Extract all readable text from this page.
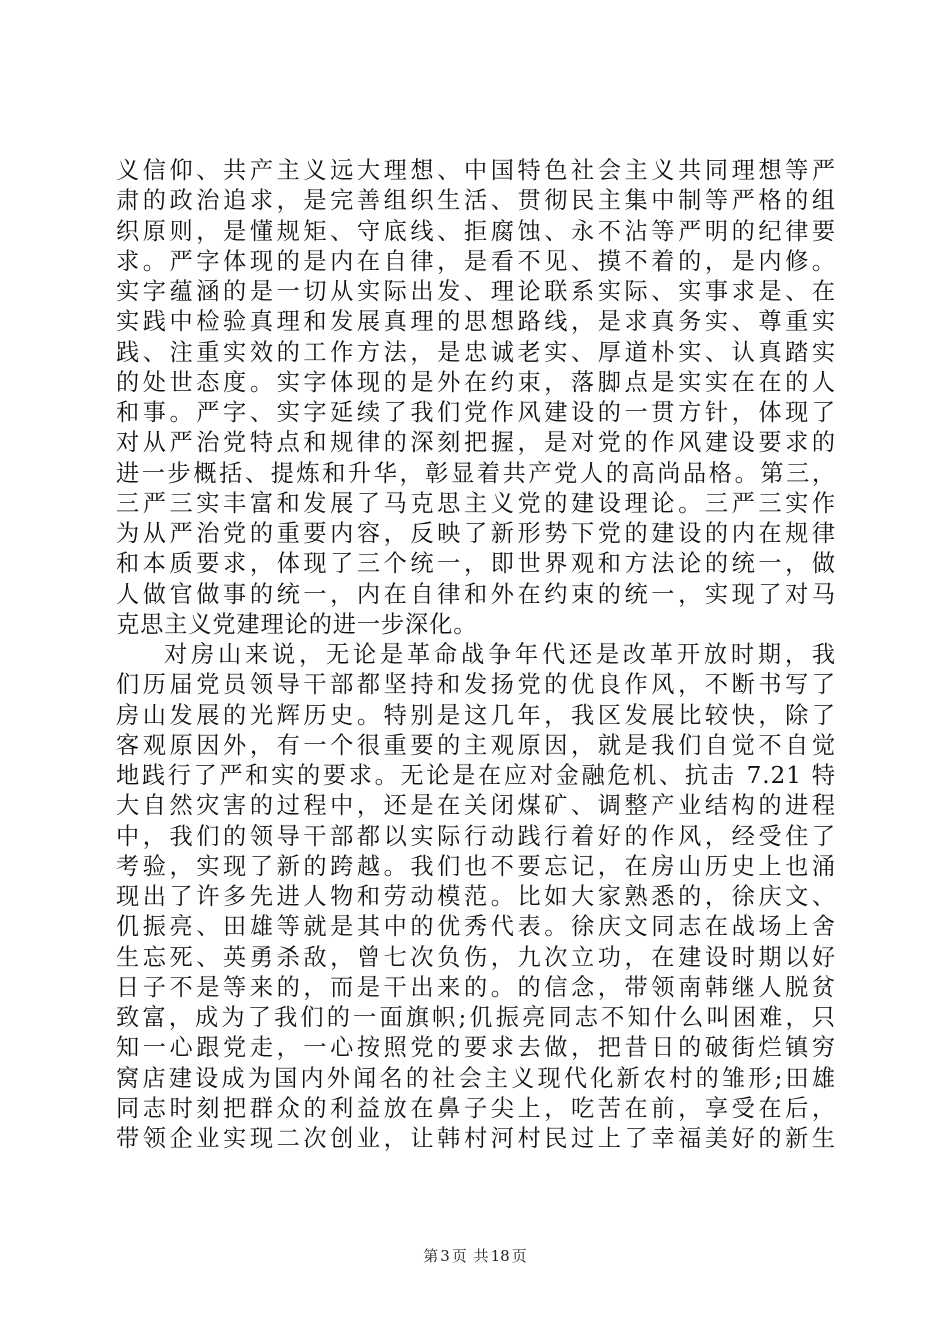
义信仰、共产主义远大理想、中国特色社会主义共同理想等严
肃的政治追求，是完善组织生活、贯彻民主集中制等严格的组
织原则，是懂规矩、守底线、拒腐蚀、永不沾等严明的纪律要
求。严字体现的是内在自律，是看不见、摸不着的，是内修。
实字蕴涵的是一切从实际出发、理论联系实际、实事求是、在
实践中检验真理和发展真理的思想路线，是求真务实、尊重实
践、注重实效的工作方法，是忠诚老实、厚道朴实、认真踏实
的处世态度。实字体现的是外在约束，落脚点是实实在在的人
和事。严字、实字延续了我们党作风建设的一贯方针，体现了
对从严治党特点和规律的深刻把握，是对党的作风建设要求的
进一步概括、提炼和升华，彰显着共产党人的高尚品格。第三，
三严三实丰富和发展了马克思主义党的建设理论。三严三实作
为从严治党的重要内容，反映了新形势下党的建设的内在规律
和本质要求，体现了三个统一，即世界观和方法论的统一，做
人做官做事的统一，内在自律和外在约束的统一，实现了对马
克思主义党建理论的进一步深化。

对房山来说，无论是革命战争年代还是改革开放时期，我
们历届党员领导干部都坚持和发扬党的优良作风，不断书写了
房山发展的光辉历史。特别是这几年，我区发展比较快，除了
客观原因外，有一个很重要的主观原因，就是我们自觉不自觉
地践行了严和实的要求。无论是在应对金融危机、抗击 7.21 特
大自然灾害的过程中，还是在关闭煤矿、调整产业结构的进程
中，我们的领导干部都以实际行动践行着好的作风，经受住了
考验，实现了新的跨越。我们也不要忘记，在房山历史上也涌
现出了许多先进人物和劳动模范。比如大家熟悉的，徐庆文、
仉振亮、田雄等就是其中的优秀代表。徐庆文同志在战场上舍
生忘死、英勇杀敌，曾七次负伤，九次立功，在建设时期以好
日子不是等来的，而是干出来的。的信念，带领南韩继人脱贫
致富，成为了我们的一面旗帜;仉振亮同志不知什么叫困难，只
知一心跟党走，一心按照党的要求去做，把昔日的破街烂镇穷
窝店建设成为国内外闻名的社会主义现代化新农村的雏形;田雄
同志时刻把群众的利益放在鼻子尖上，吃苦在前，享受在后，
带领企业实现二次创业，让韩村河村民过上了幸福美好的新生

第 3 页 共 18 页
